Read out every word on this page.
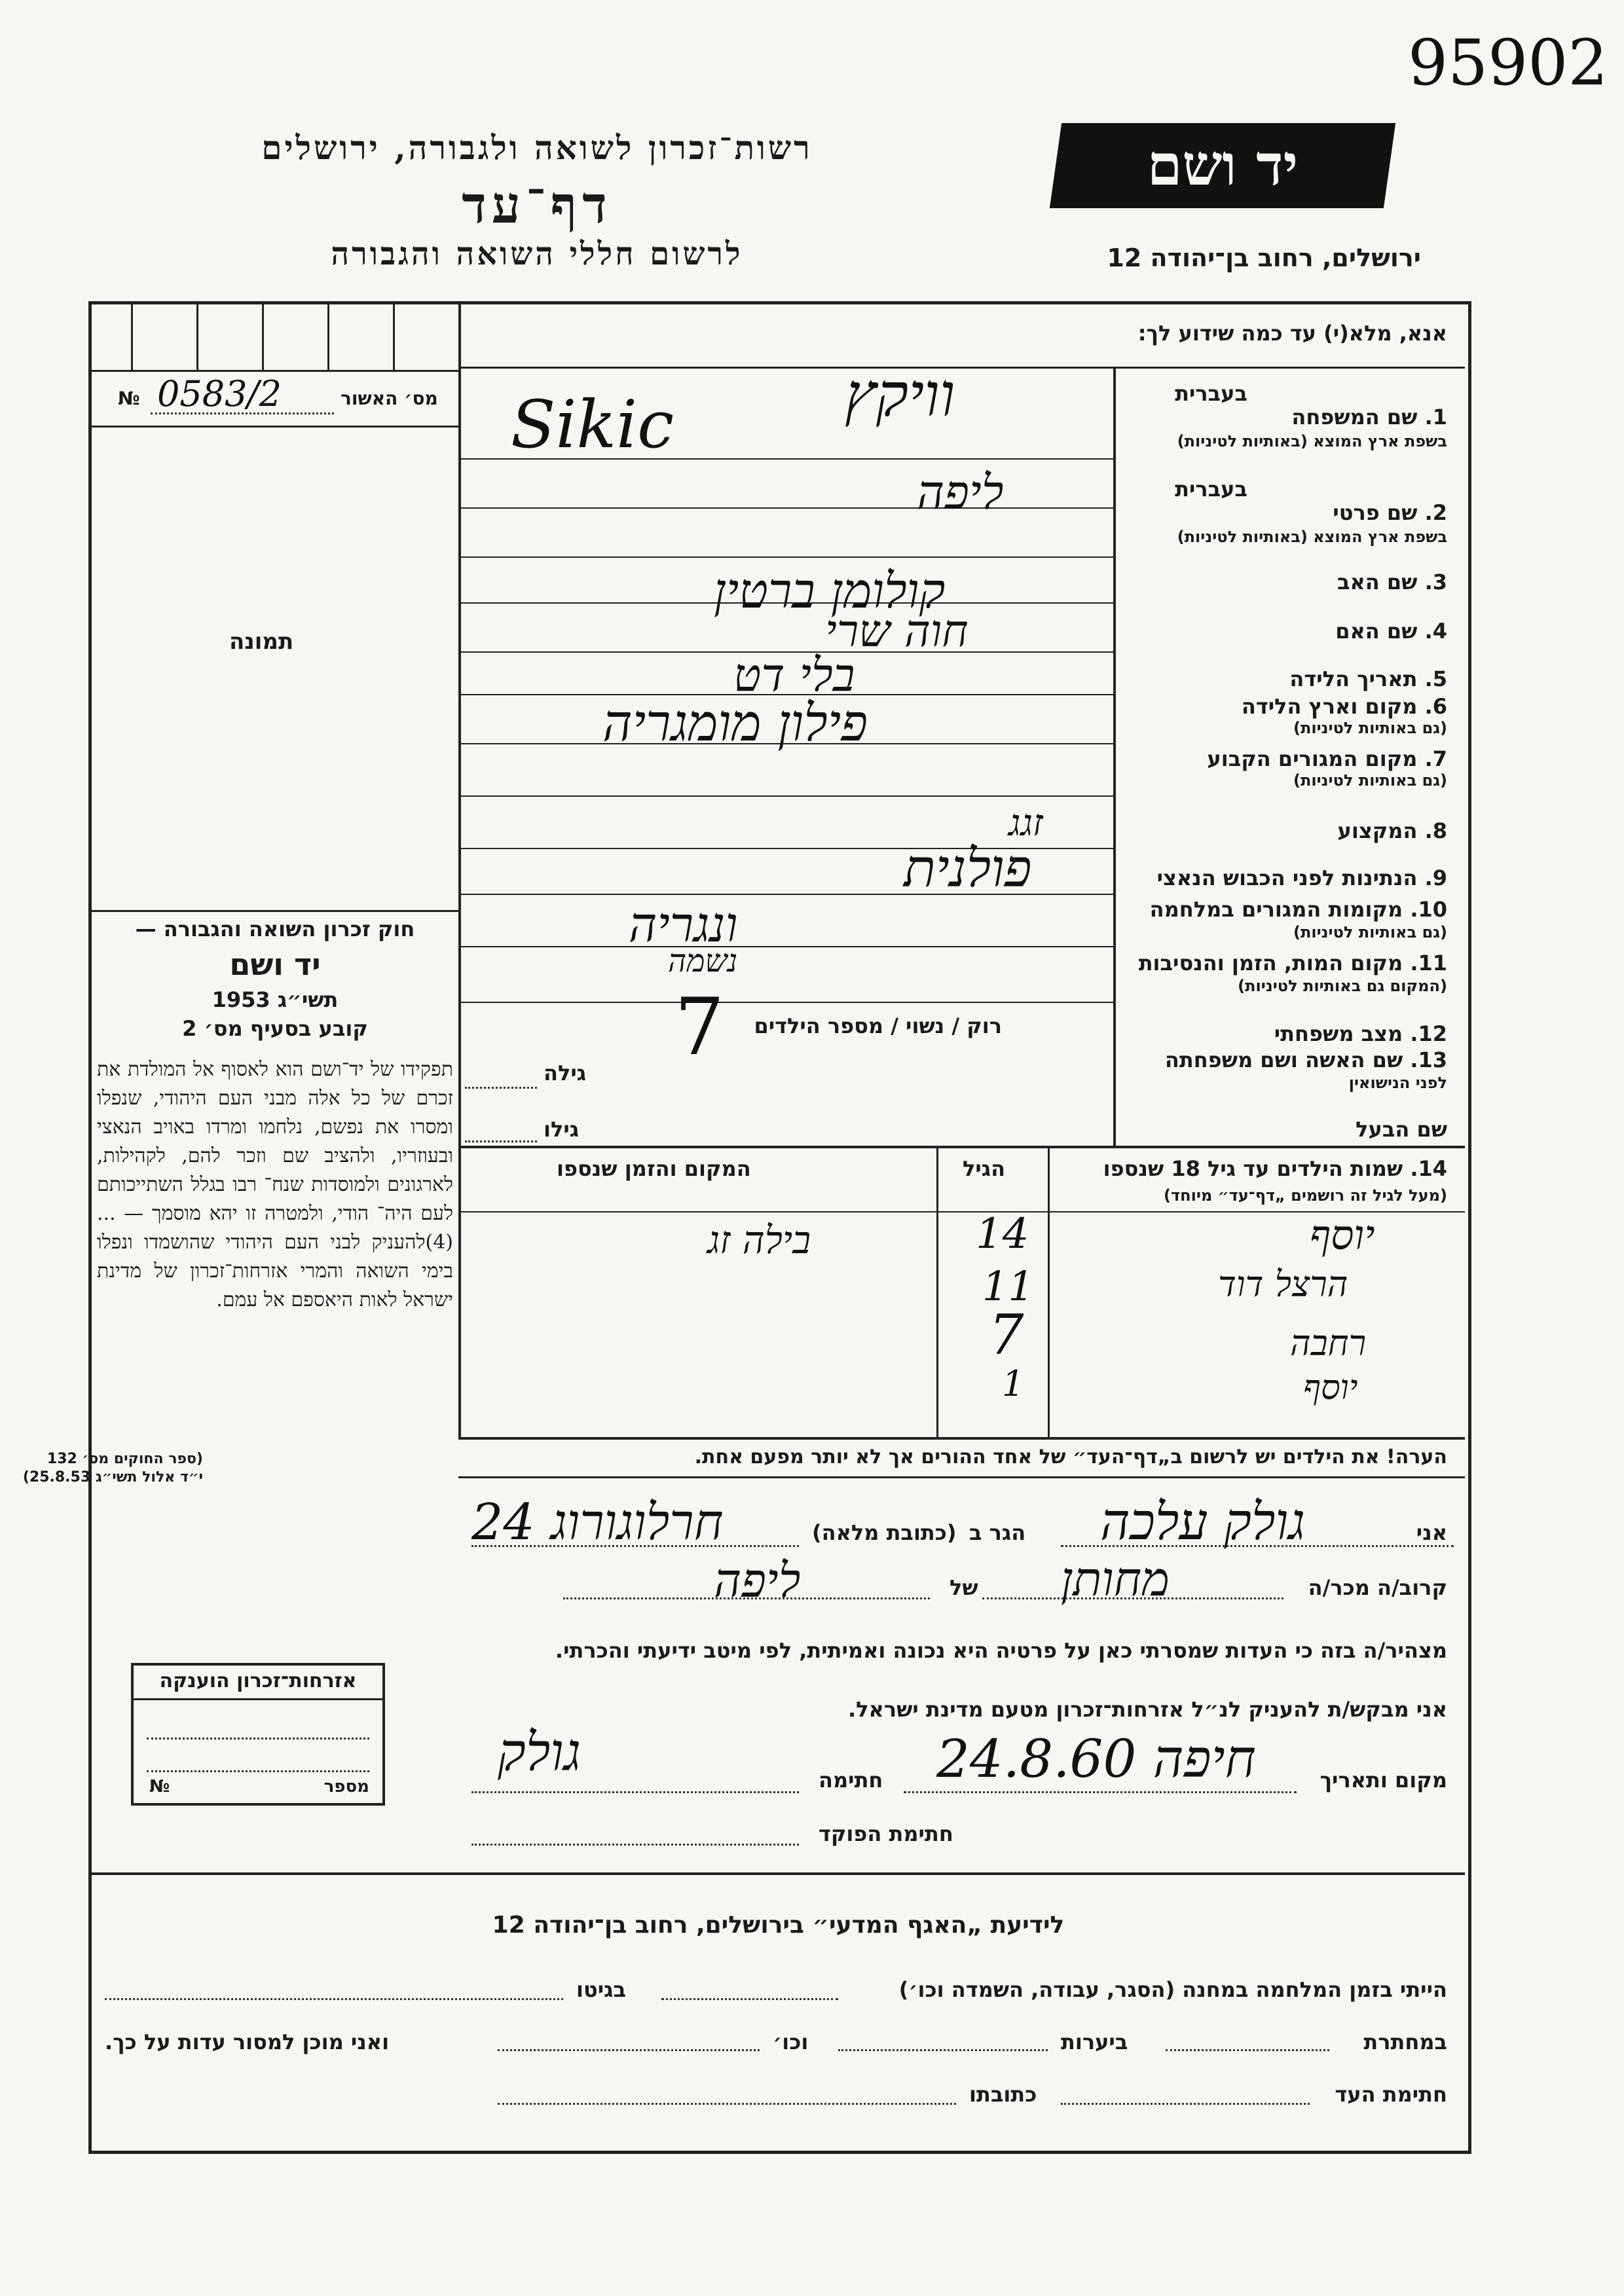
95902
רשות־זכרון לשואה ולגבורה, ירושלים
דף־עד
לרשום חללי השואה והגבורה
יד ושם
ירושלים, רחוב בן־יהודה 12
מס׳ האשור
№ 0583/2
תמונה
אנא, מלא(י) עד כמה שידוע לך:
בעברית
1. שם המשפחה
בשפת ארץ המוצא (באותיות לטיניות)
בעברית
2. שם פרטי
בשפת ארץ המוצא (באותיות לטיניות)
3. שם האב
4. שם האם
5. תאריך הלידה
6. מקום וארץ הלידה
(גם באותיות לטיניות)
7. מקום המגורים הקבוע
(גם באותיות לטיניות)
8. המקצוע
9. הנתינות לפני הכבוש הנאצי
10. מקומות המגורים במלחמה
(גם באותיות לטיניות)
11. מקום המות, הזמן והנסיבות
(המקום גם באותיות לטיניות)
12. מצב משפחתי
רוק / נשוי / מספר הילדים
13. שם האשה ושם משפחתה
לפני הנישואין
גילה
שם הבעל
גילו
וויקץ
Sikic
ליפה
קולומן ברטין
חוה שרי
בלי דט
פילון מומגריה
זגג
פולנית
ונגריה
נשמה
7
חוק זכרון השואה והגבורה —
יד ושם
תשי״ג 1953
קובע בסעיף מס׳ 2
תפקידו של יד־ושם הוא לאסוף אל המולדת את זכרם של כל אלה מבני העם היהודי, שנפלו ומסרו את נפשם, נלחמו ומרדו באויב הנאצי ובעוזריו, ולהציב שם וזכר להם, לקהילות, לארגונים ולמוסדות שנח־ רבו בגלל השתייכותם לעם היה־ הודי, ולמטרה זו יהא מוסמך — ...(4)להעניק לבני העם היהודי שהושמדו ונפלו בימי השואה והמרי אזרחות־זכרון של מדינת ישראל לאות היאספם אל עמם.
(ספר החוקים מס׳ 132
י״ד אלול תשי״ג 25.8.53)
14. שמות הילדים עד גיל 18 שנספו
(מעל לגיל זה רושמים „דף־עד״ מיוחד)
הגיל
המקום והזמן שנספו
יוסף
14
בילה זג
הרצל דוד
11
רחבה
7
יוסף
1
הערה! את הילדים יש לרשום ב„דף־העד״ של אחד ההורים אך לא יותר מפעם אחת.
אני
גולק עלכה
הגר ב
(כתובת מלאה)
חרלוגורוג 24
קרוב/ה מכר/ה
מחותן
של
ליפה
מצהיר/ה בזה כי העדות שמסרתי כאן על פרטיה היא נכונה ואמיתית, לפי מיטב ידיעתי והכרתי.
אני מבקש/ת להעניק לנ״ל אזרחות־זכרון מטעם מדינת ישראל.
אזרחות־זכרון הוענקה
מספר
№	מקום ותאריך
חיפה 24.8.60
חתימה
גולק
חתימת הפוקד
לידיעת „האגף המדעי״ בירושלים, רחוב בן־יהודה 12
הייתי בזמן המלחמה במחנה (הסגר, עבודה, השמדה וכו׳)
בגיטו
במחתרת
ביערות
וכו׳
ואני מוכן למסור עדות על כך.
חתימת העד
כתובתו
